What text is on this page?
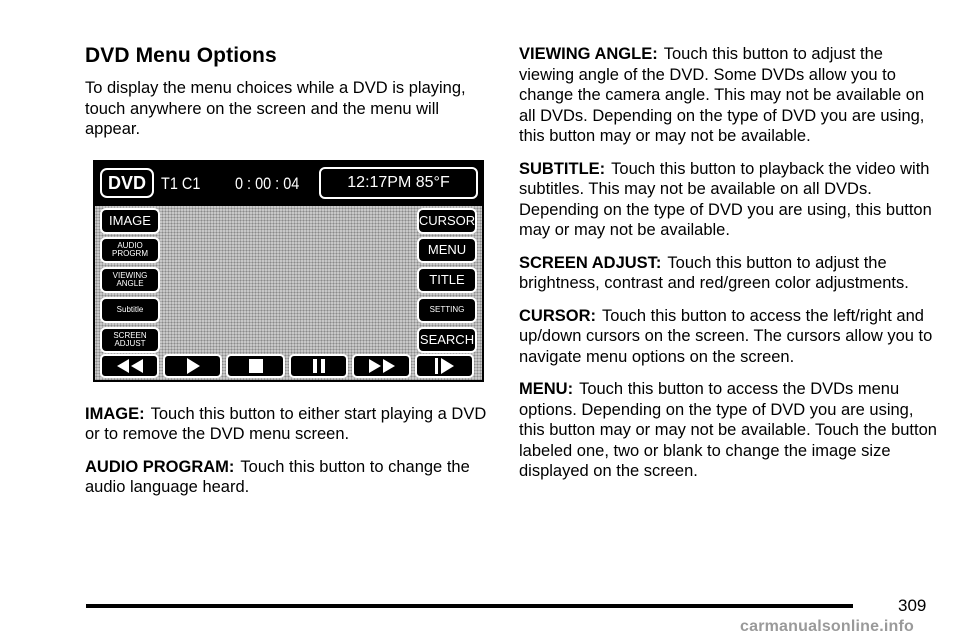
DVD Menu Options

To display the menu choices while a DVD is playing, touch anywhere on the screen and the menu will appear.

DVD T1 C1 0 : 00 : 04	12:17PM 85°F
IMAGE
AUDIO PROGRM
VIEWING ANGLE
Subtitle
SCREEN ADJUST
CURSOR
MENU
TITLE
SETTING
SEARCH

IMAGE: Touch this button to either start playing a DVD or to remove the DVD menu screen.

AUDIO PROGRAM: Touch this button to change the audio language heard.

VIEWING ANGLE: Touch this button to adjust the viewing angle of the DVD. Some DVDs allow you to change the camera angle. This may not be available on all DVDs. Depending on the type of DVD you are using, this button may or may not be available.

SUBTITLE: Touch this button to playback the video with subtitles. This may not be available on all DVDs. Depending on the type of DVD you are using, this button may or may not be available.

SCREEN ADJUST: Touch this button to adjust the brightness, contrast and red/green color adjustments.

CURSOR: Touch this button to access the left/right and up/down cursors on the screen. The cursors allow you to navigate menu options on the screen.

MENU: Touch this button to access the DVDs menu options. Depending on the type of DVD you are using, this button may or may not be available. Touch the button labeled one, two or blank to change the image size displayed on the screen.

309
carmanualsonline.info
